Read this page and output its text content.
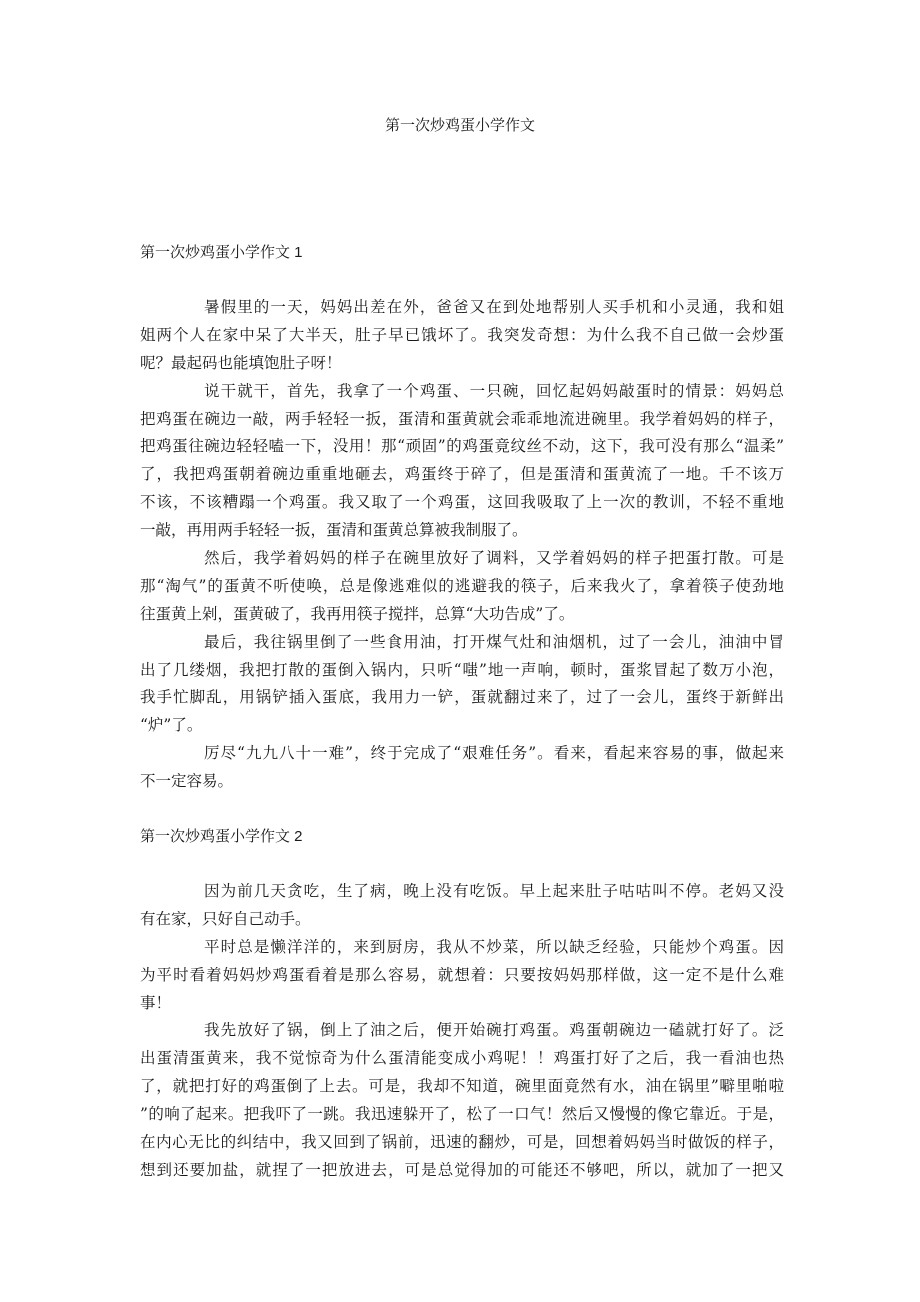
第一次炒鸡蛋小学作文
第一次炒鸡蛋小学作文 1
暑假里的一天，妈妈出差在外，爸爸又在到处地帮别人买手机和小灵通，我和姐
姐两个人在家中呆了大半天，肚子早已饿坏了。我突发奇想：为什么我不自己做一会炒蛋
呢？最起码也能填饱肚子呀！
说干就干，首先，我拿了一个鸡蛋、一只碗，回忆起妈妈敲蛋时的情景：妈妈总
把鸡蛋在碗边一敲，两手轻轻一扳，蛋清和蛋黄就会乖乖地流进碗里。我学着妈妈的样子，
把鸡蛋往碗边轻轻嗑一下，没用！那“顽固”的鸡蛋竟纹丝不动，这下，我可没有那么“温柔”
了，我把鸡蛋朝着碗边重重地砸去，鸡蛋终于碎了，但是蛋清和蛋黄流了一地。千不该万
不该，不该糟蹋一个鸡蛋。我又取了一个鸡蛋，这回我吸取了上一次的教训，不轻不重地
一敲，再用两手轻轻一扳，蛋清和蛋黄总算被我制服了。
然后，我学着妈妈的样子在碗里放好了调料，又学着妈妈的样子把蛋打散。可是
那“淘气”的蛋黄不听使唤，总是像逃难似的逃避我的筷子，后来我火了，拿着筷子使劲地
往蛋黄上剁，蛋黄破了，我再用筷子搅拌，总算“大功告成”了。
最后，我往锅里倒了一些食用油，打开煤气灶和油烟机，过了一会儿，油油中冒
出了几缕烟，我把打散的蛋倒入锅内，只听“嗤”地一声响，顿时，蛋浆冒起了数万小泡，
我手忙脚乱，用锅铲插入蛋底，我用力一铲，蛋就翻过来了，过了一会儿，蛋终于新鲜出
“炉”了。
厉尽“九九八十一难”，终于完成了“艰难任务”。看来，看起来容易的事，做起来
不一定容易。
第一次炒鸡蛋小学作文 2
因为前几天贪吃，生了病，晚上没有吃饭。早上起来肚子咕咕叫不停。老妈又没
有在家，只好自己动手。
平时总是懒洋洋的，来到厨房，我从不炒菜，所以缺乏经验，只能炒个鸡蛋。因
为平时看着妈妈炒鸡蛋看着是那么容易，就想着：只要按妈妈那样做，这一定不是什么难
事！
我先放好了锅，倒上了油之后，便开始碗打鸡蛋。鸡蛋朝碗边一磕就打好了。泛
出蛋清蛋黄来，我不觉惊奇为什么蛋清能变成小鸡呢！！鸡蛋打好了之后，我一看油也热
了，就把打好的鸡蛋倒了上去。可是，我却不知道，碗里面竟然有水，油在锅里”噼里啪啦
”的响了起来。把我吓了一跳。我迅速躲开了，松了一口气！然后又慢慢的像它靠近。于是，
在内心无比的纠结中，我又回到了锅前，迅速的翻炒，可是，回想着妈妈当时做饭的样子，
想到还要加盐，就捏了一把放进去，可是总觉得加的可能还不够吧，所以，就加了一把又
